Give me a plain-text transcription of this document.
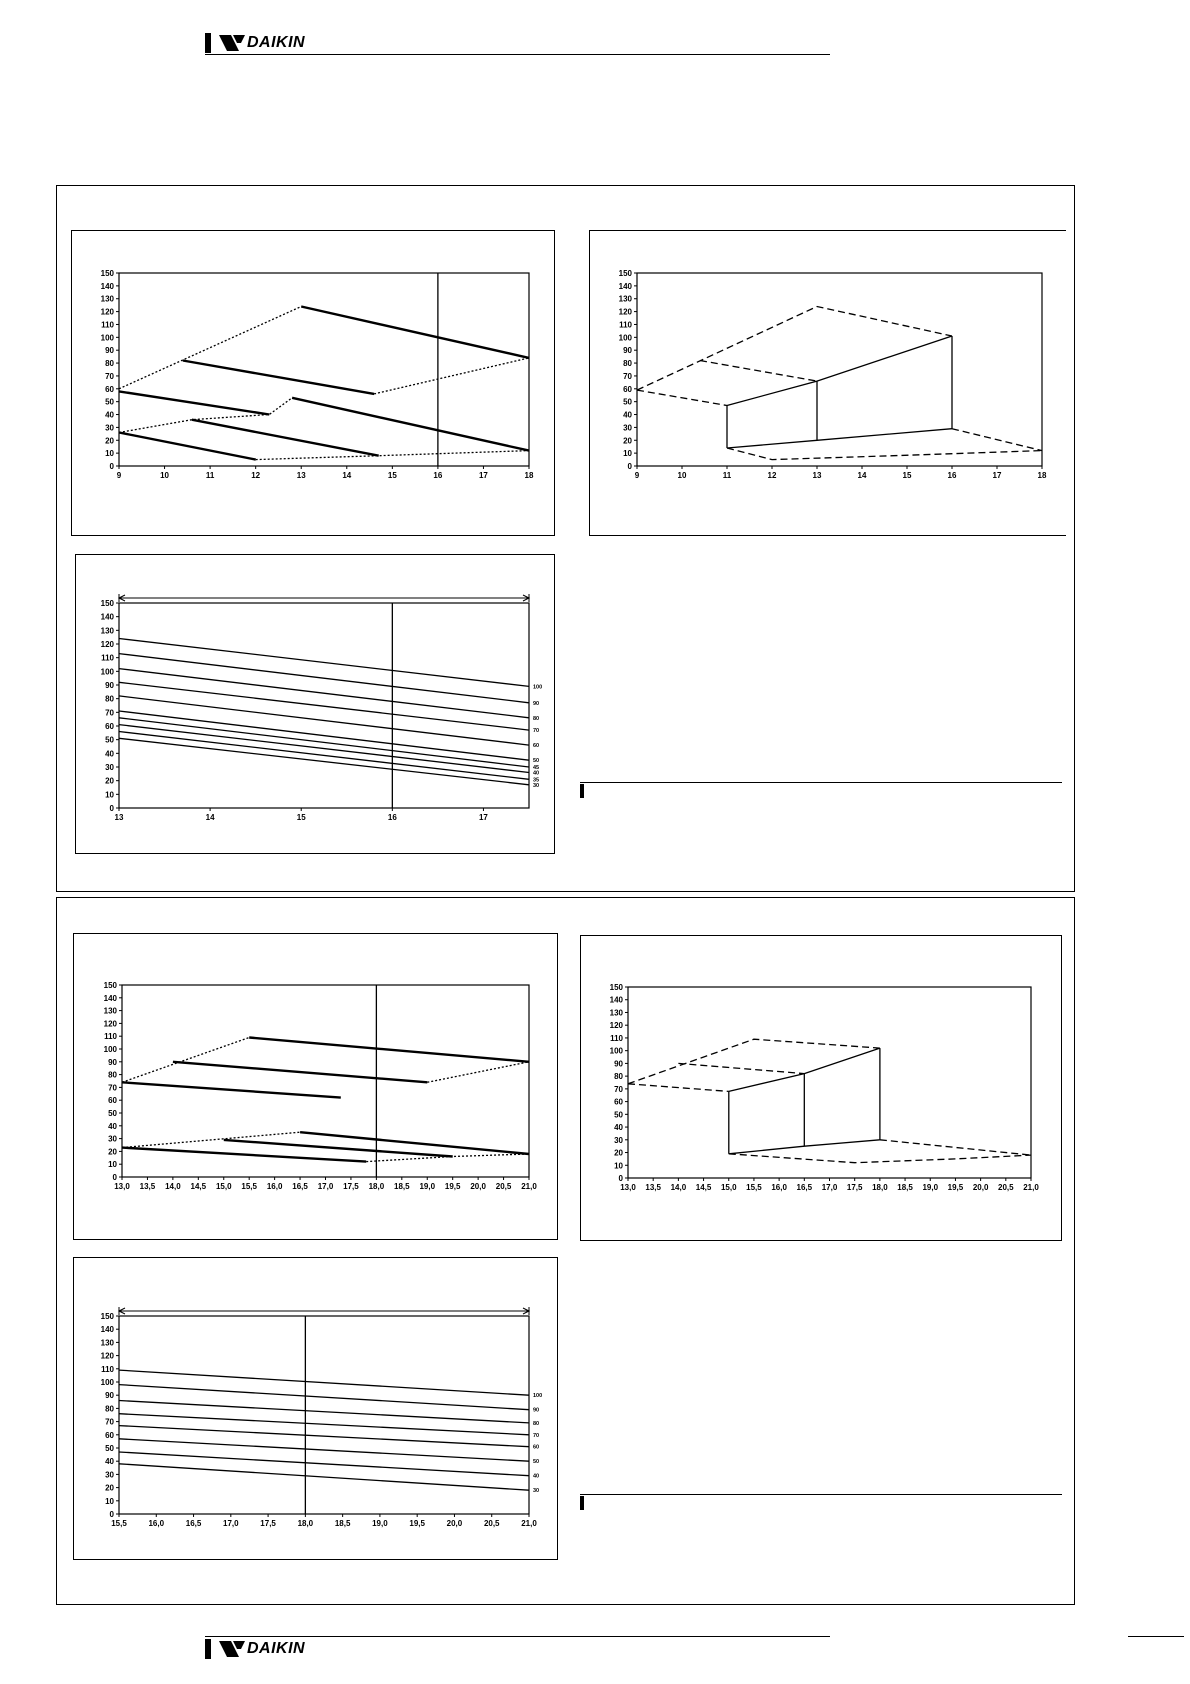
DAIKIN
0
10
20
30
40
50
60
70
80
90
100
110
120
130
140
150
9	10	11	12	13	14	15	16	17	18
0
10
20
30
40
50
60
70
80
90
100
110
120
130
140
150
9	10	11	12	13	14	15	16	17	18
0
10
20
30
40
50
60
70
80
90
100
110
120
130
140
150
13	14	15	16	17
100
90
80
70
60
50
45
40
35
30
0
10
20
30
40
50
60
70
80
90
100
110
120
130
140
150
13,0 13,5 14,0 14,5 15,0 15,5 16,0 16,5 17,0 17,5 18,0 18,5 19,0 19,5 20,0 20,5 21,0
0
10
20
30
40
50
60
70
80
90
100
110
120
130
140
150
13,0 13,5 14,0 14,5 15,0 15,5 16,0 16,5 17,0 17,5 18,0 18,5 19,0 19,5 20,0 20,5 21,0
0
10
20
30
40
50
60
70
80
90
100
110
120
130
140
150
15,5	16,0	16,5	17,0	17,5	18,0	18,5	19,0	19,5	20,0	20,5	21,0
100
90
80
70
60
50
40
30
DAIKIN
